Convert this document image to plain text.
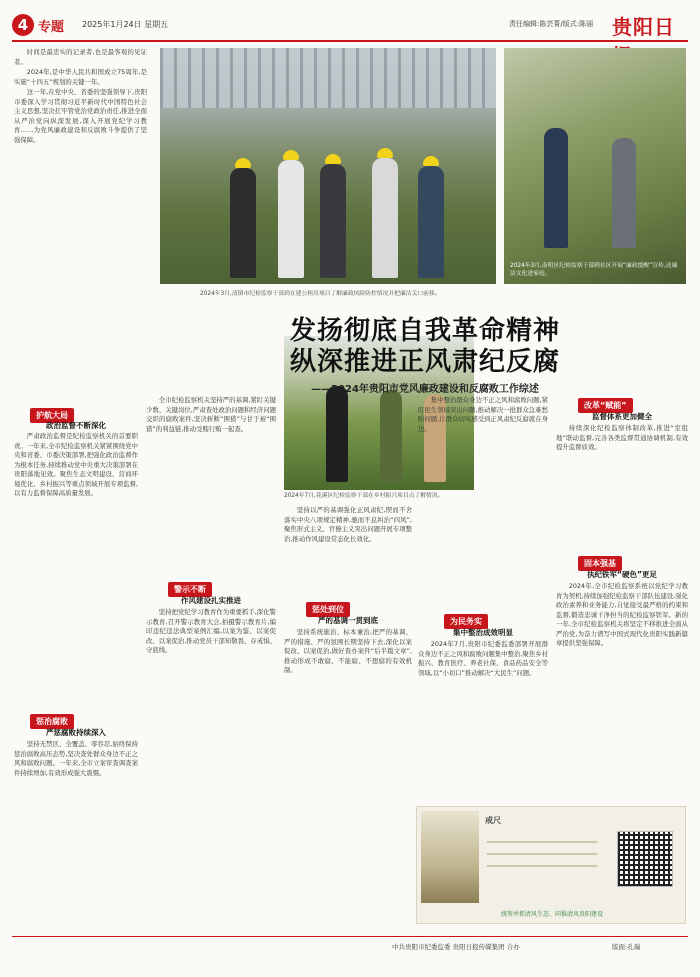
4 专题 2025年1月24日 星期五	责任编辑:陈芸菁/版式:陈丽 贵阳日

时间是最忠实的记录者,也是最客观的见证者。

2024年,是中华人民共和国成立75周年,是实施“十四五”规划的关键一年。

这一年,在党中央、省委的坚强领导下,贵阳市委深入学习贯彻习近平新时代中国特色社会主义思想,坚决扛牢管党治党政治责任,推进全面从严治党向纵深发展,深入开展党纪学习教育……为党风廉政建设和反腐败斗争提供了坚强保障。

2024年3月,清镇市纪检监察干部到在建公租房项目了解廉政风险防控情况并把廉洁关口前移。
2024年3月,南明区纪检监察干部到社区开展“廉政提醒”宣传,送廉洁文化进家庭。
2024年7月,花溪区纪检监察干部在乡村振兴项目点了解情况。
发扬彻底自我革命精神
纵深推进正风肃纪反腐
——2024年贵阳市党风廉政建设和反腐败工作综述
护航大局
政治监督不断深化

严肃政治监督是纪检监察机关的首要职责。一年来,全市纪检监察机关紧紧围绕党中央和省委、市委决策部署,把强化政治监督作为根本任务,持续推动党中央重大决策部署在贵阳落地见效。聚焦生态文明建设、营商环境优化、乡村振兴等重点领域开展专项监督,以有力监督保障高质量发展。

惩治腐败
严惩腐败持续深入

坚持无禁区、全覆盖、零容忍,始终保持惩治腐败高压态势,坚决查处群众身边不正之风和腐败问题。一年来,全市立案审查调查案件持续增加,有效形成强大震慑。

全市纪检监察机关坚持严的基调,紧盯关键少数、关键岗位,严肃查处政治问题和经济问题交织的腐败案件,坚决斩断“围猎”与甘于被“围猎”的利益链,推动受贿行贿一起查。

警示不断
作风建设扎实推进

坚持把党纪学习教育作为重要抓手,深化警示教育,召开警示教育大会,拍摄警示教育片,编印违纪违法典型案例汇编,以案为鉴、以案促改、以案促治,推动党员干部知敬畏、存戒惧、守底线。

坚持以严的基调强化正风肃纪,锲而不舍落实中央八项规定精神,驰而不息纠治“四风”,聚焦形式主义、官僚主义突出问题开展专项整治,推动作风建设常态化长效化。

惩处到位
严的基调一贯到底

坚持系统施治、标本兼治,把严的基调、严的措施、严的氛围长期坚持下去,深化以案促改、以案促治,做好查办案件“后半篇文章”,推动形成不敢腐、不能腐、不想腐的有效机制。

集中整治群众身边不正之风和腐败问题,紧盯民生领域突出问题,推动解决一批群众急难愁盼问题,让群众切实感受到正风肃纪反腐就在身边。

为民务实
集中整治成效明显

2024年7月,贵阳市纪委监委部署开展群众身边不正之风和腐败问题集中整治,聚焦乡村振兴、教育医疗、养老社保、食品药品安全等领域,以“小切口”推动解决“大民生”问题。

改革“赋能”
监督体系更加健全

持续深化纪检监察体制改革,推进“室组地”联动监督,完善各类监督贯通协调机制,有效提升监督质效。

固本强基
执纪铁军“硬色”更足

2024年,全市纪检监察系统以党纪学习教育为契机,持续加强纪检监察干部队伍建设,强化政治素养和业务能力,自觉接受最严格的约束和监督,锻造忠诚干净担当的纪检监察铁军。新的一年,全市纪检监察机关将坚定不移推进全面从严治党,为奋力谱写中国式现代化贵阳实践新篇章提供坚强保障。

戒尺
统筹并抓清风生态、同推清风贵阳建设
中共贵阳市纪委监委 贵阳日报传媒集团 合办	版面:孔瑞
